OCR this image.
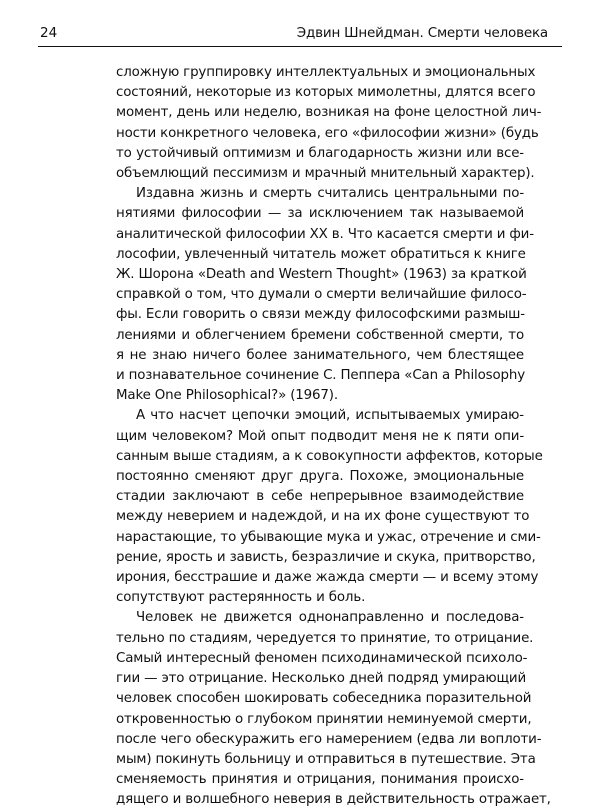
24	Эдвин Шнейдман. Смерти человека
сложную группировку интеллектуальных и эмоциональных
состояний, некоторые из которых мимолетны, длятся всего
момент, день или неделю, возникая на фоне целостной лич-
ности конкретного человека, его «философии жизни» (будь
то устойчивый оптимизм и благодарность жизни или все-
объемлющий пессимизм и мрачный мнительный характер).
Издавна жизнь и смерть считались центральными по-
нятиями философии — за исключением так называемой
аналитической философии XX в. Что касается смерти и фи-
лософии, увлеченный читатель может обратиться к книге
Ж. Шорона «Death and Western Thought» (1963) за краткой
справкой о том, что думали о смерти величайшие филосо-
фы. Если говорить о связи между философскими размыш-
лениями и облегчением бремени собственной смерти, то
я не знаю ничего более занимательного, чем блестящее
и познавательное сочинение С. Пеппера «Can a Philosophy
Make One Philosophical?» (1967).
А что насчет цепочки эмоций, испытываемых умираю-
щим человеком? Мой опыт подводит меня не к пяти опи-
санным выше стадиям, а к совокупности аффектов, которые
постоянно сменяют друг друга. Похоже, эмоциональные
стадии заключают в себе непрерывное взаимодействие
между неверием и надеждой, и на их фоне существуют то
нарастающие, то убывающие мука и ужас, отречение и сми-
рение, ярость и зависть, безразличие и скука, притворство,
ирония, бесстрашие и даже жажда смерти — и всему этому
сопутствуют растерянность и боль.
Человек не движется однонаправленно и последова-
тельно по стадиям, чередуется то принятие, то отрицание.
Самый интересный феномен психодинамической психоло-
гии — это отрицание. Несколько дней подряд умирающий
человек способен шокировать собеседника поразительной
откровенностью о глубоком принятии неминуемой смерти,
после чего обескуражить его намерением (едва ли воплоти-
мым) покинуть больницу и отправиться в путешествие. Эта
сменяемость принятия и отрицания, понимания происхо-
дящего и волшебного неверия в действительность отражает,
